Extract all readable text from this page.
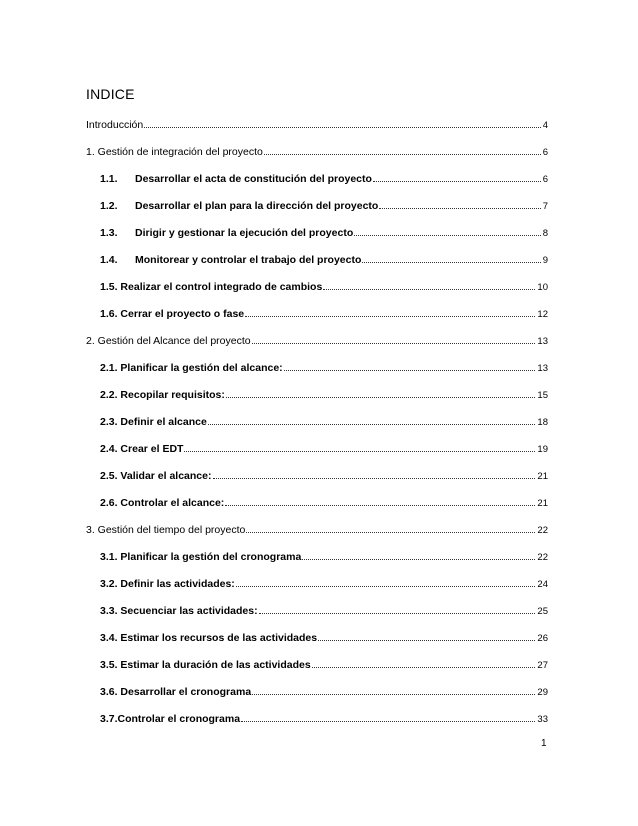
INDICE
Introducción	4
1. Gestión de integración del proyecto	6
1.1. Desarrollar el acta de constitución del proyecto	6
1.2. Desarrollar el plan para la dirección del proyecto	7
1.3. Dirigir y gestionar la ejecución del proyecto	8
1.4. Monitorear y controlar el trabajo del proyecto	9
1.5. Realizar el control integrado de cambios	10
1.6. Cerrar el proyecto o fase	12
2. Gestión del Alcance del proyecto	13
2.1. Planificar la gestión del alcance:	13
2.2. Recopilar requisitos:	15
2.3. Definir el alcance	18
2.4. Crear el EDT	19
2.5. Validar el alcance:	21
2.6. Controlar el alcance:	21
3. Gestión del tiempo del proyecto	22
3.1. Planificar la gestión del cronograma	22
3.2. Definir las actividades:	24
3.3. Secuenciar las actividades:	25
3.4. Estimar los recursos de las actividades	26
3.5. Estimar la duración de las actividades	27
3.6. Desarrollar el cronograma	29
3.7.Controlar el cronograma	33
1
